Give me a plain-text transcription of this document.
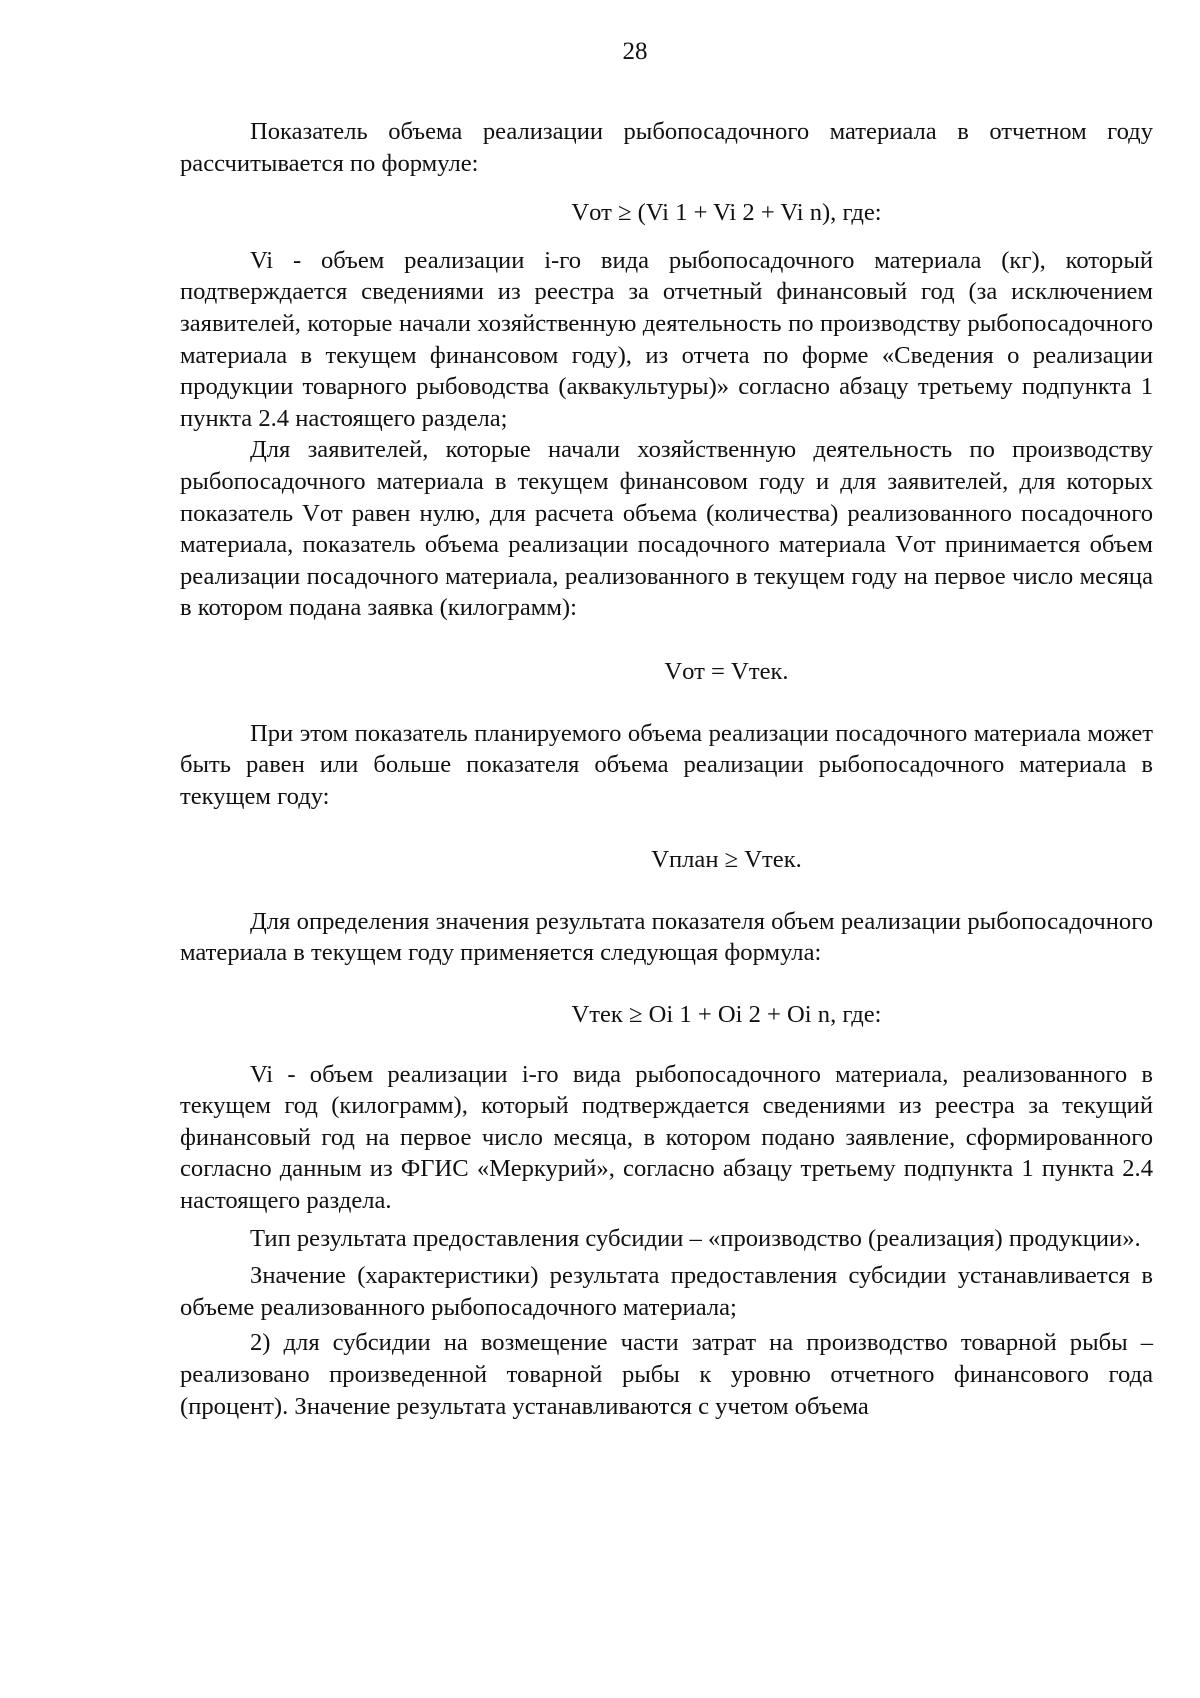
28

Показатель объема реализации рыбопосадочного материала в отчетном году рассчитывается по формуле:

Vот ≥ (Vi 1 + Vi 2 + Vi n), где:

Vi - объем реализации i-го вида рыбопосадочного материала (кг), который подтверждается сведениями из реестра за отчетный финансовый год (за исключением заявителей, которые начали хозяйственную деятельность по производству рыбопосадочного материала в текущем финансовом году), из отчета по форме «Сведения о реализации продукции товарного рыбоводства (аквакультуры)» согласно абзацу третьему подпункта 1 пункта 2.4 настоящего раздела;

Для заявителей, которые начали хозяйственную деятельность по производству рыбопосадочного материала в текущем финансовом году и для заявителей, для которых показатель Vот равен нулю, для расчета объема (количества) реализованного посадочного материала, показатель объема реализации посадочного материала Vот принимается объем реализации посадочного материала, реализованного в текущем году на первое число месяца в котором подана заявка (килограмм):

Vот = Vтек.

При этом показатель планируемого объема реализации посадочного материала может быть равен или больше показателя объема реализации рыбопосадочного материала в текущем году:

Vплан ≥ Vтек.

Для определения значения результата показателя объем реализации рыбопосадочного материала в текущем году применяется следующая формула:

Vтек ≥ Oi 1 + Oi 2 + Oi n, где:

Vi - объем реализации i-го вида рыбопосадочного материала, реализованного в текущем год (килограмм), который подтверждается сведениями из реестра за текущий финансовый год на первое число месяца, в котором подано заявление, сформированного согласно данным из ФГИС «Меркурий», согласно абзацу третьему подпункта 1 пункта 2.4 настоящего раздела.

Тип результата предоставления субсидии – «производство (реализация) продукции».

Значение (характеристики) результата предоставления субсидии устанавливается в объеме реализованного рыбопосадочного материала;

2) для субсидии на возмещение части затрат на производство товарной рыбы – реализовано произведенной товарной рыбы к уровню отчетного финансового года (процент). Значение результата устанавливаются с учетом объема
